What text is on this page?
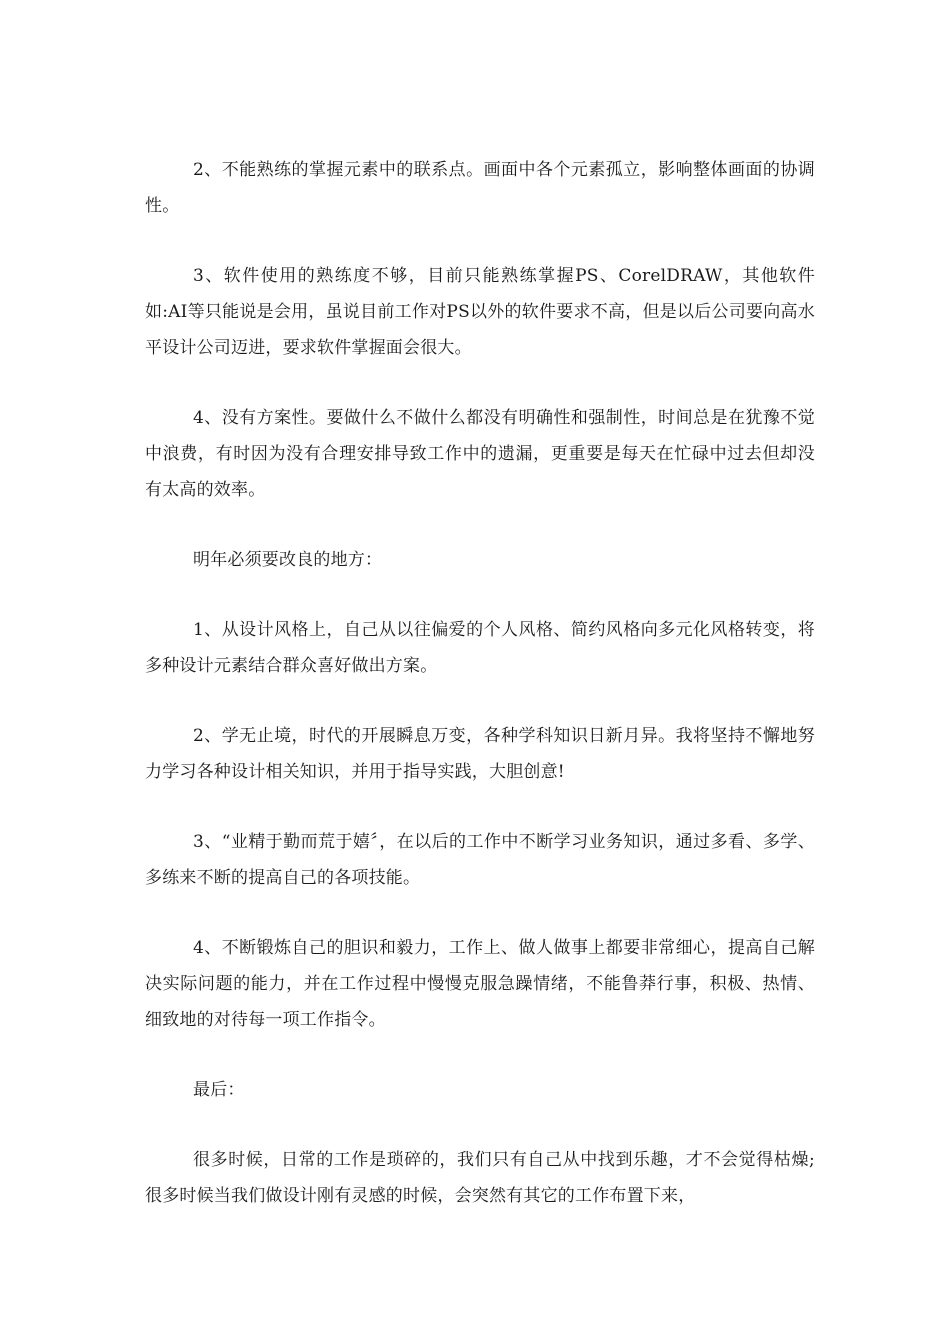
2、不能熟练的掌握元素中的联系点。画面中各个元素孤立，影响整体画面的协调性。

3、软件使用的熟练度不够，目前只能熟练掌握PS、CorelDRAW，其他软件如:AI等只能说是会用，虽说目前工作对PS以外的软件要求不高，但是以后公司要向高水平设计公司迈进，要求软件掌握面会很大。

4、没有方案性。要做什么不做什么都没有明确性和强制性，时间总是在犹豫不觉中浪费，有时因为没有合理安排导致工作中的遗漏，更重要是每天在忙碌中过去但却没有太高的效率。

明年必须要改良的地方：

1、从设计风格上，自己从以往偏爱的个人风格、简约风格向多元化风格转变，将多种设计元素结合群众喜好做出方案。

2、学无止境，时代的开展瞬息万变，各种学科知识日新月异。我将坚持不懈地努力学习各种设计相关知识，并用于指导实践，大胆创意!

3、“业精于勤而荒于嬉〞，在以后的工作中不断学习业务知识，通过多看、多学、多练来不断的提高自己的各项技能。

4、不断锻炼自己的胆识和毅力，工作上、做人做事上都要非常细心，提高自己解决实际问题的能力，并在工作过程中慢慢克服急躁情绪，不能鲁莽行事，积极、热情、细致地的对待每一项工作指令。

最后：

很多时候，日常的工作是琐碎的，我们只有自己从中找到乐趣，才不会觉得枯燥;很多时候当我们做设计刚有灵感的时候，会突然有其它的工作布置下来，
